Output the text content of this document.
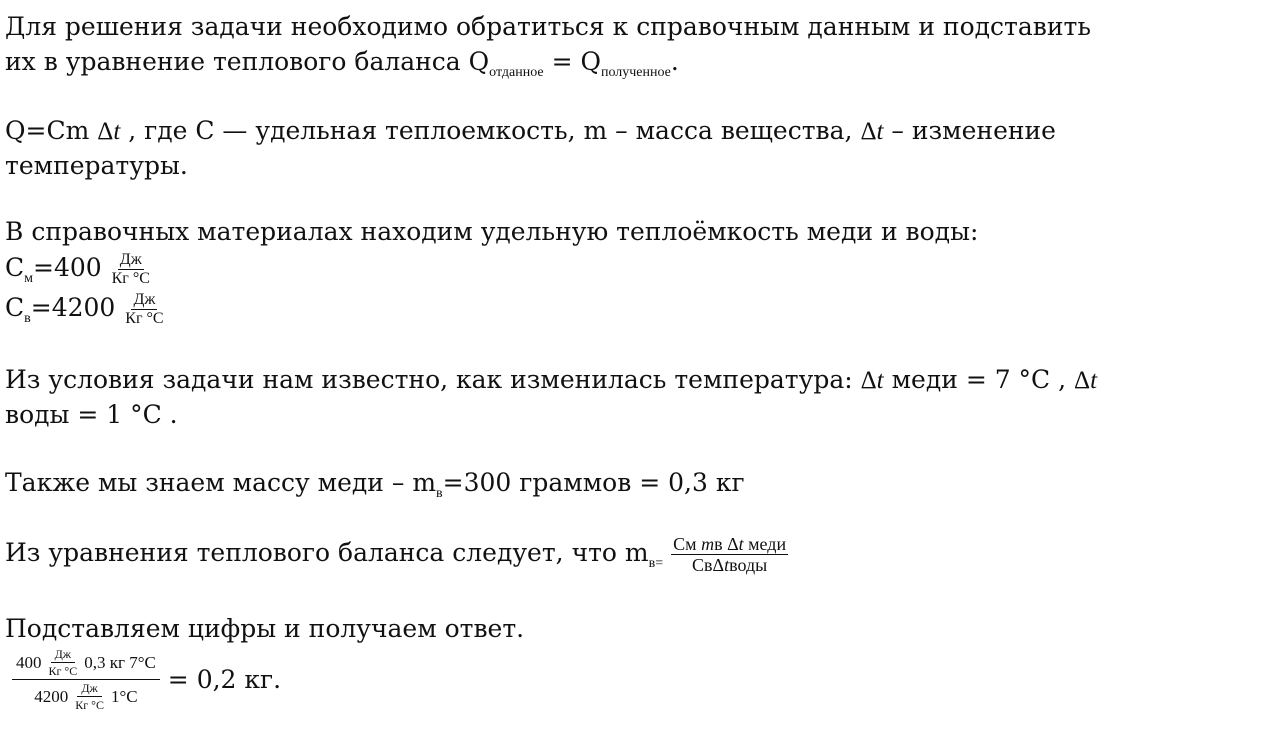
Для решения задачи необходимо обратиться к справочным данным и подставить
их в уравнение теплового баланса $Q_{отданное} = Q_{полученное}$.
Q=Cm Δt , где С — удельная теплоемкость, m – масса вещества, Δt – изменение
температуры.
В справочных материалах находим удельную теплоёмкость меди и воды:
$С_м=400 \frac{Дж}{Кг ^\circ С}$
$С_в=4200 \frac{Дж}{Кг ^\circ С}$
Из условия задачи нам известно, как изменилась температура: Δt меди = 7 °С , Δt
воды = 1 °С .
Также мы знаем массу меди – $m_в=300$ граммов = 0,3 кг
Из уравнения теплового баланса следует, что $m_{в=} \frac{\text{См mв Δt меди}}{\text{СвΔtводы}}$
Подставляем цифры и получаем ответ.
$\frac{400 \frac{Дж}{Кг ^\circ С} 0,3 кг 7^\circ С}{4200 \frac{Дж}{Кг ^\circ С} 1^\circ С} = 0,2$ кг.
